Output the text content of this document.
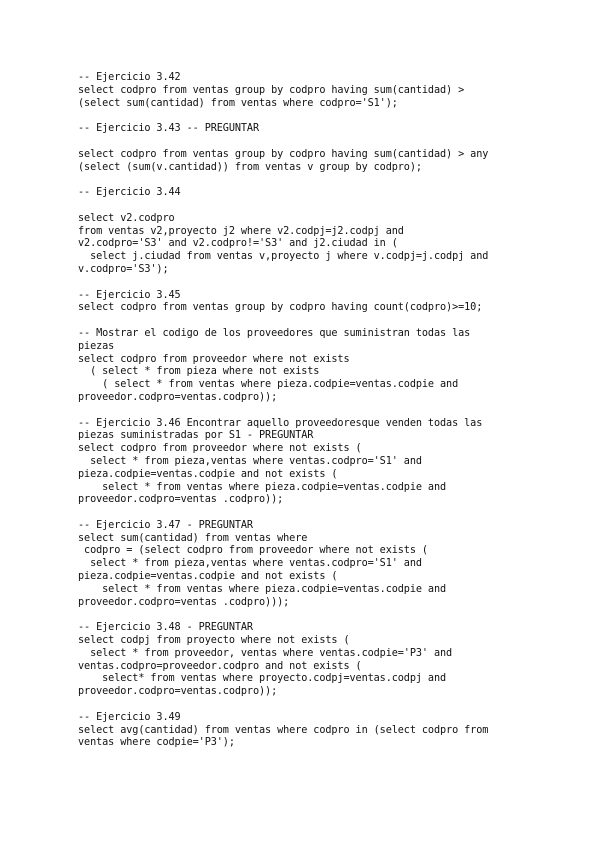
-- Ejercicio 3.42
select codpro from ventas group by codpro having sum(cantidad) >
(select sum(cantidad) from ventas where codpro='S1');
-- Ejercicio 3.43 -- PREGUNTAR
select codpro from ventas group by codpro having sum(cantidad) > any
(select (sum(v.cantidad)) from ventas v group by codpro);
-- Ejercicio 3.44
select v2.codpro
from ventas v2,proyecto j2 where v2.codpj=j2.codpj and
v2.codpro='S3' and v2.codpro!='S3' and j2.ciudad in (
select j.ciudad from ventas v,proyecto j where v.codpj=j.codpj and
v.codpro='S3');
-- Ejercicio 3.45
select codpro from ventas group by codpro having count(codpro)>=10;
-- Mostrar el codigo de los proveedores que suministran todas las
piezas
select codpro from proveedor where not exists
( select * from pieza where not exists
( select * from ventas where pieza.codpie=ventas.codpie and
proveedor.codpro=ventas.codpro));
-- Ejercicio 3.46 Encontrar aquello proveedoresque venden todas las
piezas suministradas por S1 - PREGUNTAR
select codpro from proveedor where not exists (
select * from pieza,ventas where ventas.codpro='S1' and
pieza.codpie=ventas.codpie and not exists (
select * from ventas where pieza.codpie=ventas.codpie and
proveedor.codpro=ventas .codpro));
-- Ejercicio 3.47 - PREGUNTAR
select sum(cantidad) from ventas where
codpro = (select codpro from proveedor where not exists (
select * from pieza,ventas where ventas.codpro='S1' and
pieza.codpie=ventas.codpie and not exists (
select * from ventas where pieza.codpie=ventas.codpie and
proveedor.codpro=ventas .codpro)));
-- Ejercicio 3.48 - PREGUNTAR
select codpj from proyecto where not exists (
select * from proveedor, ventas where ventas.codpie='P3' and
ventas.codpro=proveedor.codpro and not exists (
select* from ventas where proyecto.codpj=ventas.codpj and
proveedor.codpro=ventas.codpro));
-- Ejercicio 3.49
select avg(cantidad) from ventas where codpro in (select codpro from
ventas where codpie='P3');
